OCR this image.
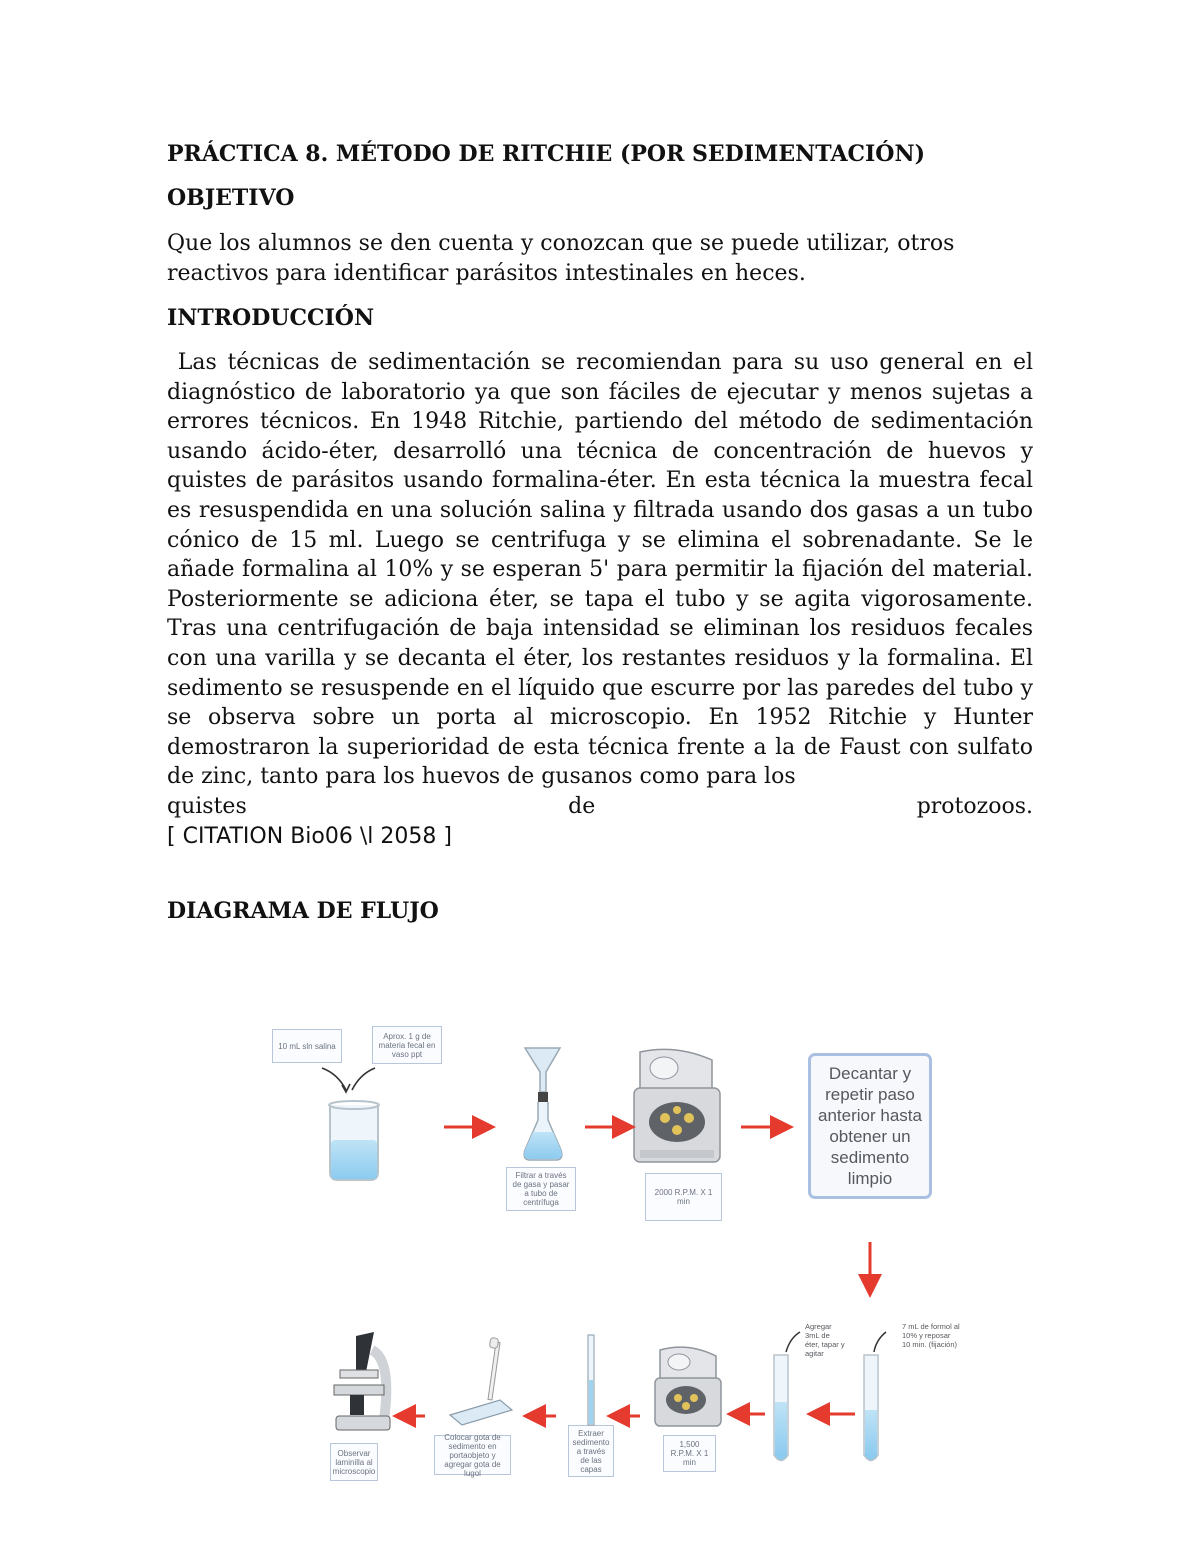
PRÁCTICA 8. MÉTODO DE RITCHIE (POR SEDIMENTACIÓN)
OBJETIVO

Que los alumnos se den cuenta y conozcan que se puede utilizar, otros reactivos para identificar parásitos intestinales en heces.

INTRODUCCIÓN

Las técnicas de sedimentación se recomiendan para su uso general en el diagnóstico de laboratorio ya que son fáciles de ejecutar y menos sujetas a errores técnicos. En 1948 Ritchie, partiendo del método de sedimentación usando ácido-éter, desarrolló una técnica de concentración de huevos y quistes de parásitos usando formalina-éter. En esta técnica la muestra fecal es resuspendida en una solución salina y filtrada usando dos gasas a un tubo cónico de 15 ml. Luego se centrifuga y se elimina el sobrenadante. Se le añade formalina al 10% y se esperan 5' para permitir la fijación del material. Posteriormente se adiciona éter, se tapa el tubo y se agita vigorosamente. Tras una centrifugación de baja intensidad se eliminan los residuos fecales con una varilla y se decanta el éter, los restantes residuos y la formalina. El sedimento se resuspende en el líquido que escurre por las paredes del tubo y se observa sobre un porta al microscopio. En 1952 Ritchie y Hunter demostraron la superioridad de esta técnica frente a la de Faust con sulfato de zinc, tanto para los huevos de gusanos como para los

quistes de protozoos.
[ CITATION Bio06 \l 2058 ]
DIAGRAMA DE FLUJO
10 mL sln salina
Aprox. 1 g de materia fecal en vaso ppt
Filtrar a través de gasa y pasar a tubo de centrífuga
2000 R.P.M. X 1 min
Decantar y repetir paso anterior hasta obtener un sedimento limpio
7 mL de formol al 10% y reposar 10 min. (fijación)
Agregar 3mL de éter, tapar y agitar
1,500 R.P.M. X 1 min
Extraer sedimento a través de las capas
Colocar gota de sedimento en portaobjeto y agregar gota de lugol
Observar laminilla al microscopio
